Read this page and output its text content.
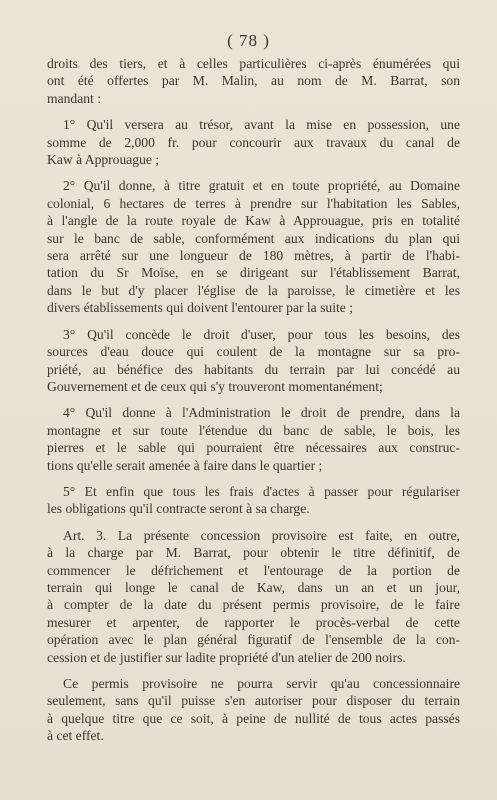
( 78 )
droits des tiers, et à celles particulières ci-après énumérées qui
ont été offertes par M. Malin, au nom de M. Barrat, son
mandant :
1° Qu'il versera au trésor, avant la mise en possession, une
somme de 2,000 fr. pour concourir aux travaux du canal de
Kaw à Approuague ;
2° Qu'il donne, à titre gratuit et en toute propriété, au Domaine
colonial, 6 hectares de terres à prendre sur l'habitation les Sables,
à l'angle de la route royale de Kaw à Approuague, pris en totalité
sur le banc de sable, conformément aux indications du plan qui
sera arrêté sur une longueur de 180 mètres, à partir de l'habi-
tation du Sr Moïse, en se dirigeant sur l'établissement Barrat,
dans le but d'y placer l'église de la paroisse, le cimetière et les
divers établissements qui doivent l'entourer par la suite ;
3° Qu'il concède le droit d'user, pour tous les besoins, des
sources d'eau douce qui coulent de la montagne sur sa pro-
priété, au bénéfice des habitants du terrain par lui concédé au
Gouvernement et de ceux qui s'y trouveront momentanément;
4° Qu'il donne à l'Administration le droit de prendre, dans la
montagne et sur toute l'étendue du banc de sable, le bois, les
pierres et le sable qui pourraient être nécessaires aux construc-
tions qu'elle serait amenée à faire dans le quartier ;
5° Et enfin que tous les frais d'actes à passer pour régulariser
les obligations qu'il contracte seront à sa charge.
Art. 3. La présente concession provisoire est faite, en outre,
à la charge par M. Barrat, pour obtenir le titre définitif, de
commencer le défrichement et l'entourage de la portion de
terrain qui longe le canal de Kaw, dans un an et un jour,
à compter de la date du présent permis provisoire, de le faire
mesurer et arpenter, de rapporter le procès-verbal de cette
opération avec le plan général figuratif de l'ensemble de la con-
cession et de justifier sur ladite propriété d'un atelier de 200 noirs.
Ce permis provisoire ne pourra servir qu'au concessionnaire
seulement, sans qu'il puisse s'en autoriser pour disposer du terrain
à quelque titre que ce soit, à peine de nullité de tous actes passés
à cet effet.
